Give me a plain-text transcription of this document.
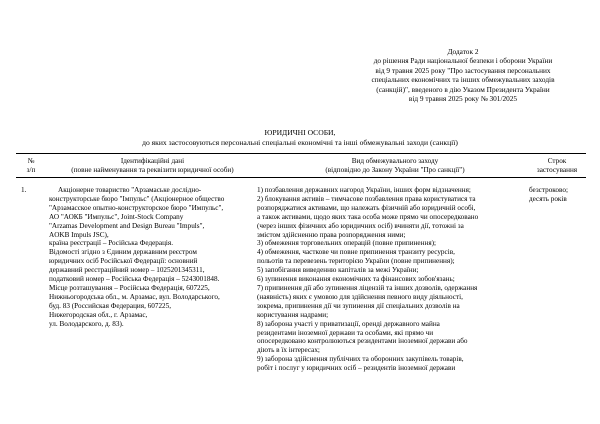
Додаток 2
до рішення Ради національної безпеки і оборони України
від 9 травня 2025 року "Про застосування персональних
спеціальних економічних та інших обмежувальних заходів
(санкцій)", введеного в дію Указом Президента України
від 9 травня 2025 року № 301/2025
ЮРИДИЧНІ ОСОБИ,
до яких застосовуються персональні спеціальні економічні та інші обмежувальні заходи (санкції)
№
з/п
Ідентифікаційні дані
(повне найменування та реквізити юридичної особи)
Вид обмежувального заходу
(відповідно до Закону України "Про санкції")
Строк
застосування
1.	Акціонерне товариство "Арзамаське дослідно-
конструкторське бюро "Імпульс" (Акціонерное общество
"Арзамасское опытно-конструкторское бюро "Импульс",
АО "АОКБ "Импульс", Joint-Stock Company
"Arzamas Development and Design Bureau "Impuls",
AOKB Impuls JSC),
країна реєстрації – Російська Федерація.
Відомості згідно з Єдиним державним реєстром
юридичних осіб Російської Федерації: основний
державний реєстраційний номер – 1025201345311,
податковий номер – Російська Федерація – 5243001848.
Місце розташування – Російська Федерація, 607225,
Нижньогородська обл., м. Арзамас, вул. Володарського,
буд. 83 (Российская Федерация, 607225,
Нижегородская обл., г. Арзамас,
ул. Володарского, д. 83).
1) позбавлення державних нагород України, інших форм відзначення;
2) блокування активів – тимчасове позбавлення права користуватися та
розпоряджатися активами, що належать фізичній або юридичній особі,
а також активами, щодо яких така особа може прямо чи опосередковано
(через інших фізичних або юридичних осіб) вчиняти дії, тотожні за
змістом здійсненню права розпорядження ними;
3) обмеження торговельних операцій (повне припинення);
4) обмеження, часткове чи повне припинення транзиту ресурсів,
польотів та перевезень територією України (повне припинення);
5) запобігання виведенню капіталів за межі України;
6) зупинення виконання економічних та фінансових зобов'язань;
7) припинення дії або зупинення ліцензій та інших дозволів, одержання
(наявність) яких є умовою для здійснення певного виду діяльності,
зокрема, припинення дії чи зупинення дії спеціальних дозволів на
користування надрами;
8) заборона участі у приватизації, оренді державного майна
резидентами іноземної держави та особами, які прямо чи
опосередковано контролюються резидентами іноземної держави або
діють в їх інтересах;
9) заборона здійснення публічних та оборонних закупівель товарів,
робіт і послуг у юридичних осіб – резидентів іноземної держави
безстроково;
десять років
